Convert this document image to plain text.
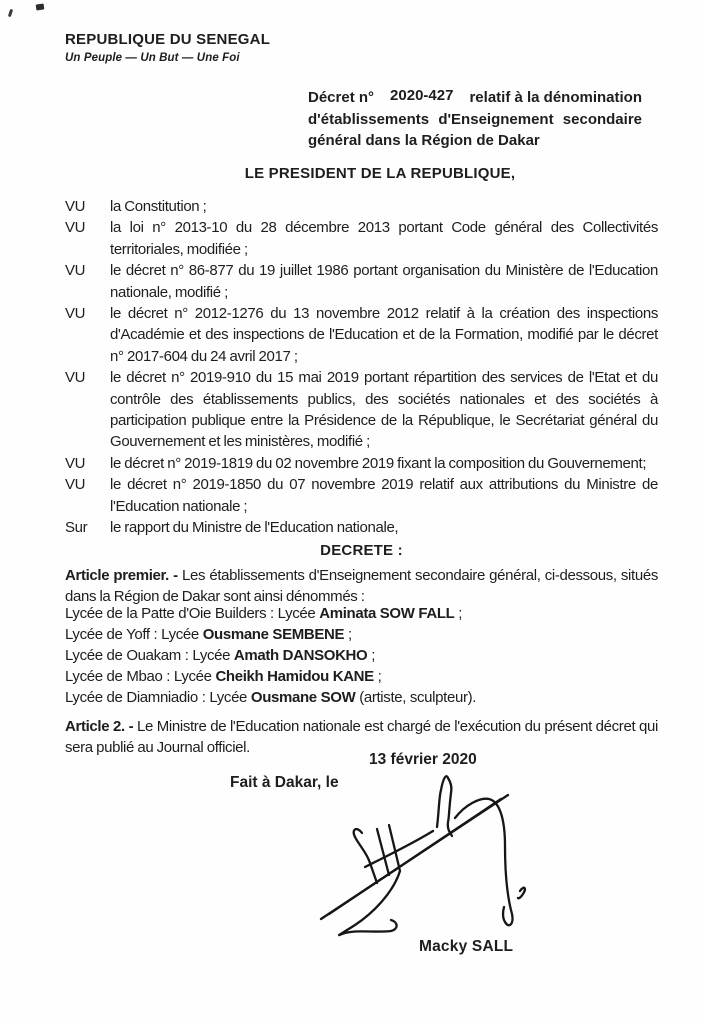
REPUBLIQUE DU SENEGAL
Un Peuple — Un But — Une Foi
Décret n° 2020-427 relatif à la dénomination
d'établissements d'Enseignement secondaire
général dans la Région de Dakar
LE PRESIDENT DE LA REPUBLIQUE,
VU	la Constitution ;
VU	la loi n° 2013-10 du 28 décembre 2013 portant Code général des Collectivités territoriales, modifiée ;
VU	le décret n° 86-877 du 19 juillet 1986 portant organisation du Ministère de l'Education nationale, modifié ;
VU	le décret n° 2012-1276 du 13 novembre 2012 relatif à la création des inspections d'Académie et des inspections de l'Education et de la Formation, modifié par le décret n° 2017-604 du 24 avril 2017 ;
VU	le décret n° 2019-910 du 15 mai 2019 portant répartition des services de l'Etat et du contrôle des établissements publics, des sociétés nationales et des sociétés à participation publique entre la Présidence de la République, le Secrétariat général du Gouvernement et les ministères, modifié ;
VU	le décret n° 2019-1819 du 02 novembre 2019 fixant la composition du Gouvernement;
VU	le décret n° 2019-1850 du 07 novembre 2019 relatif aux attributions du Ministre de l'Education nationale ;
Sur	le rapport du Ministre de l'Education nationale,
DECRETE :
Article premier. - Les établissements d'Enseignement secondaire général, ci-dessous, situés dans la Région de Dakar sont ainsi dénommés :
Lycée de la Patte d'Oie Builders : Lycée Aminata SOW FALL ;
Lycée de Yoff : Lycée Ousmane SEMBENE ;
Lycée de Ouakam : Lycée Amath DANSOKHO ;
Lycée de Mbao : Lycée Cheikh Hamidou KANE ;
Lycée de Diamniadio : Lycée Ousmane SOW (artiste, sculpteur).
Article 2. - Le Ministre de l'Education nationale est chargé de l'exécution du présent décret qui sera publié au Journal officiel.
13 février 2020
Fait à Dakar, le
Macky SALL
